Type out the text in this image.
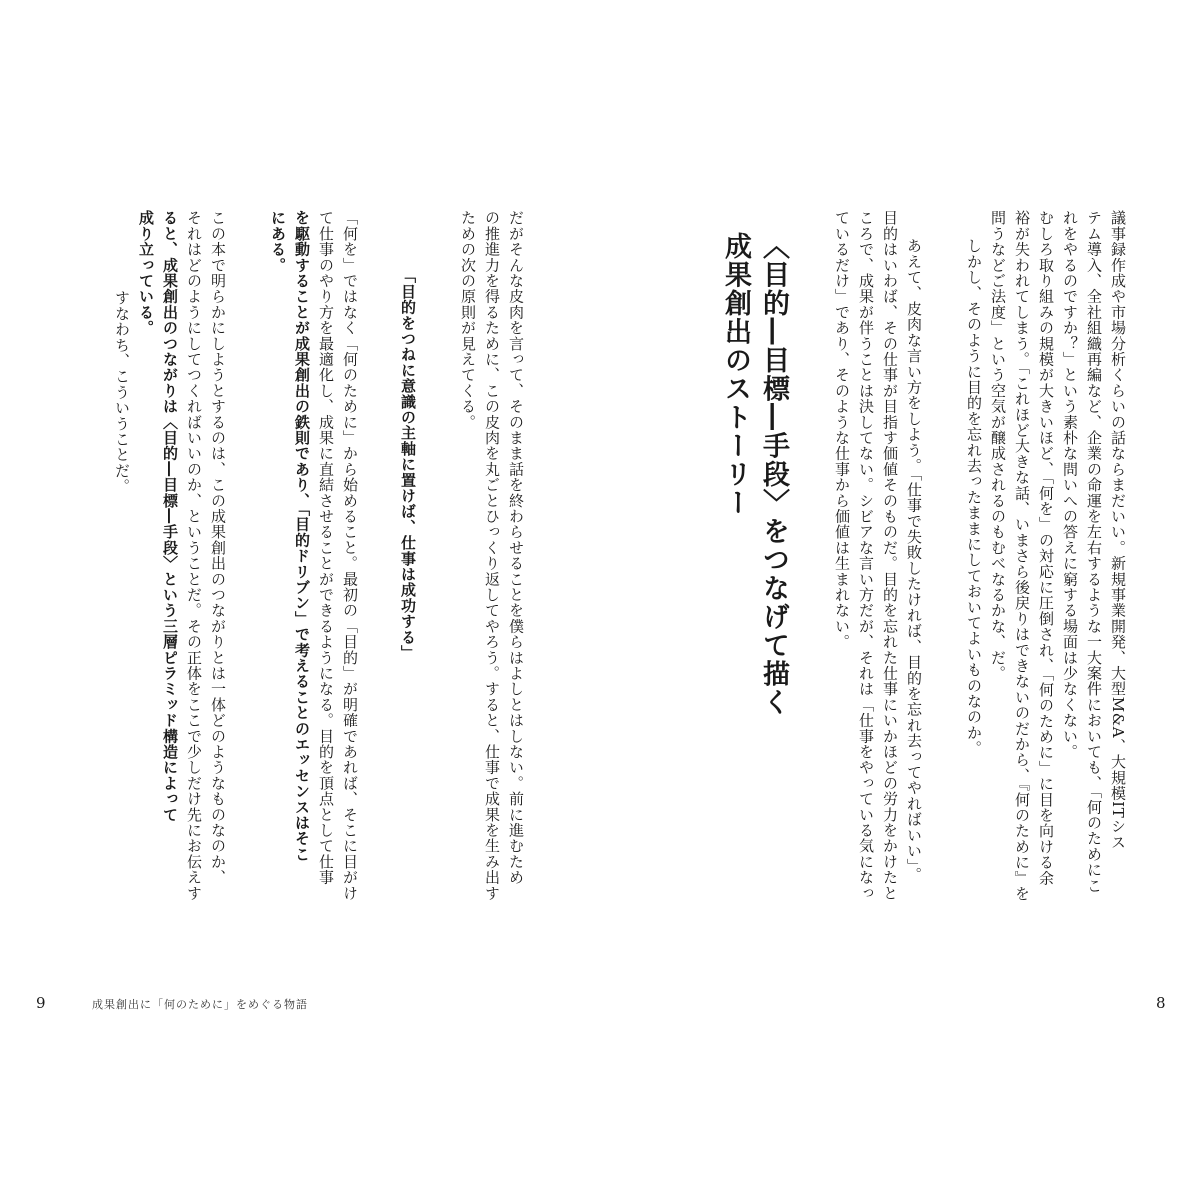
だがそんな皮肉を言って、そのまま話を終わらせることを僕らはよしとはしない。前に進むため
の推進力を得るために、この皮肉を丸ごとひっくり返してやろう。すると、仕事で成果を生み出す
ための次の原則が見えてくる。
「目的をつねに意識の主軸に置けば、仕事は成功する」
「何を」ではなく「何のために」から始めること。最初の「目的」が明確であれば、そこに目がけ
て仕事のやり方を最適化し、成果に直結させることができるようになる。目的を頂点として仕事
を駆動することが成果創出の鉄則であり、「目的ドリブン」で考えることのエッセンスはそこ
にある。
この本で明らかにしようとするのは、この成果創出のつながりとは一体どのようなものなのか、
それはどのようにしてつくればいいのか、ということだ。その正体をここで少しだけ先にお伝えす
ると、成果創出のつながりは〈目的―目標―手段〉という三層ピラミッド構造によって
成り立っている。
すなわち、こういうことだ。
9	成果創出に「何のために」をめぐる物語
議事録作成や市場分析くらいの話ならまだいい。新規事業開発、大型M&A、大規模ITシス
テム導入、全社組織再編など、企業の命運を左右するような一大案件においても、「何のためにこ
れをやるのですか？」という素朴な問いへの答えに窮する場面は少なくない。
むしろ取り組みの規模が大きいほど、「何を」の対応に圧倒され、「何のために」に目を向ける余
裕が失われてしまう。「これほど大きな話、いまさら後戻りはできないのだから、『何のために』を
問うなどご法度」という空気が醸成されるのもむべなるかな、だ。
しかし、そのように目的を忘れ去ったままにしておいてよいものなのか。
あえて、皮肉な言い方をしよう。「仕事で失敗したければ、目的を忘れ去ってやればいい」。
目的はいわば、その仕事が目指す価値そのものだ。目的を忘れた仕事にいかほどの労力をかけたと
ころで、成果が伴うことは決してない。シビアな言い方だが、それは「仕事をやっている気になっ
ているだけ」であり、そのような仕事から価値は生まれない。
〈目的―目標―手段〉をつなげて描く
成果創出のストーリー
8
